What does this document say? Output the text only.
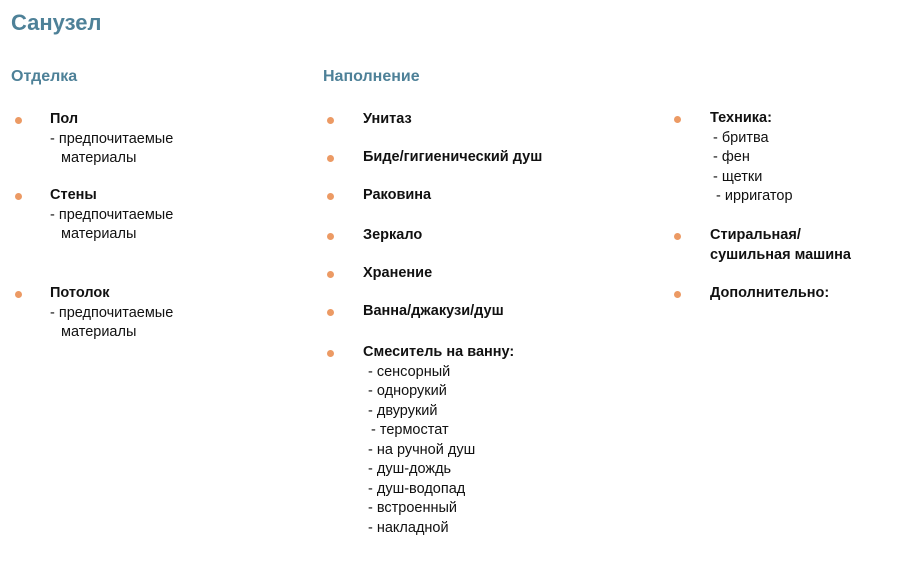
Санузел
Отделка	Наполнение
Пол
- предпочитаемые
материалы
Стены
- предпочитаемые
материалы
Потолок
- предпочитаемые
материалы
Унитаз
Биде/гигиенический душ
Раковина
Зеркало
Хранение
Ванна/джакузи/душ
Смеситель на ванну:
- сенсорный
- однорукий
- двурукий
- термостат
- на ручной душ
- душ-дождь
- душ-водопад
- встроенный
- накладной
Техника:
- бритва
- фен
- щетки
- ирригатор
Стиральная/
сушильная машина
Дополнительно:
